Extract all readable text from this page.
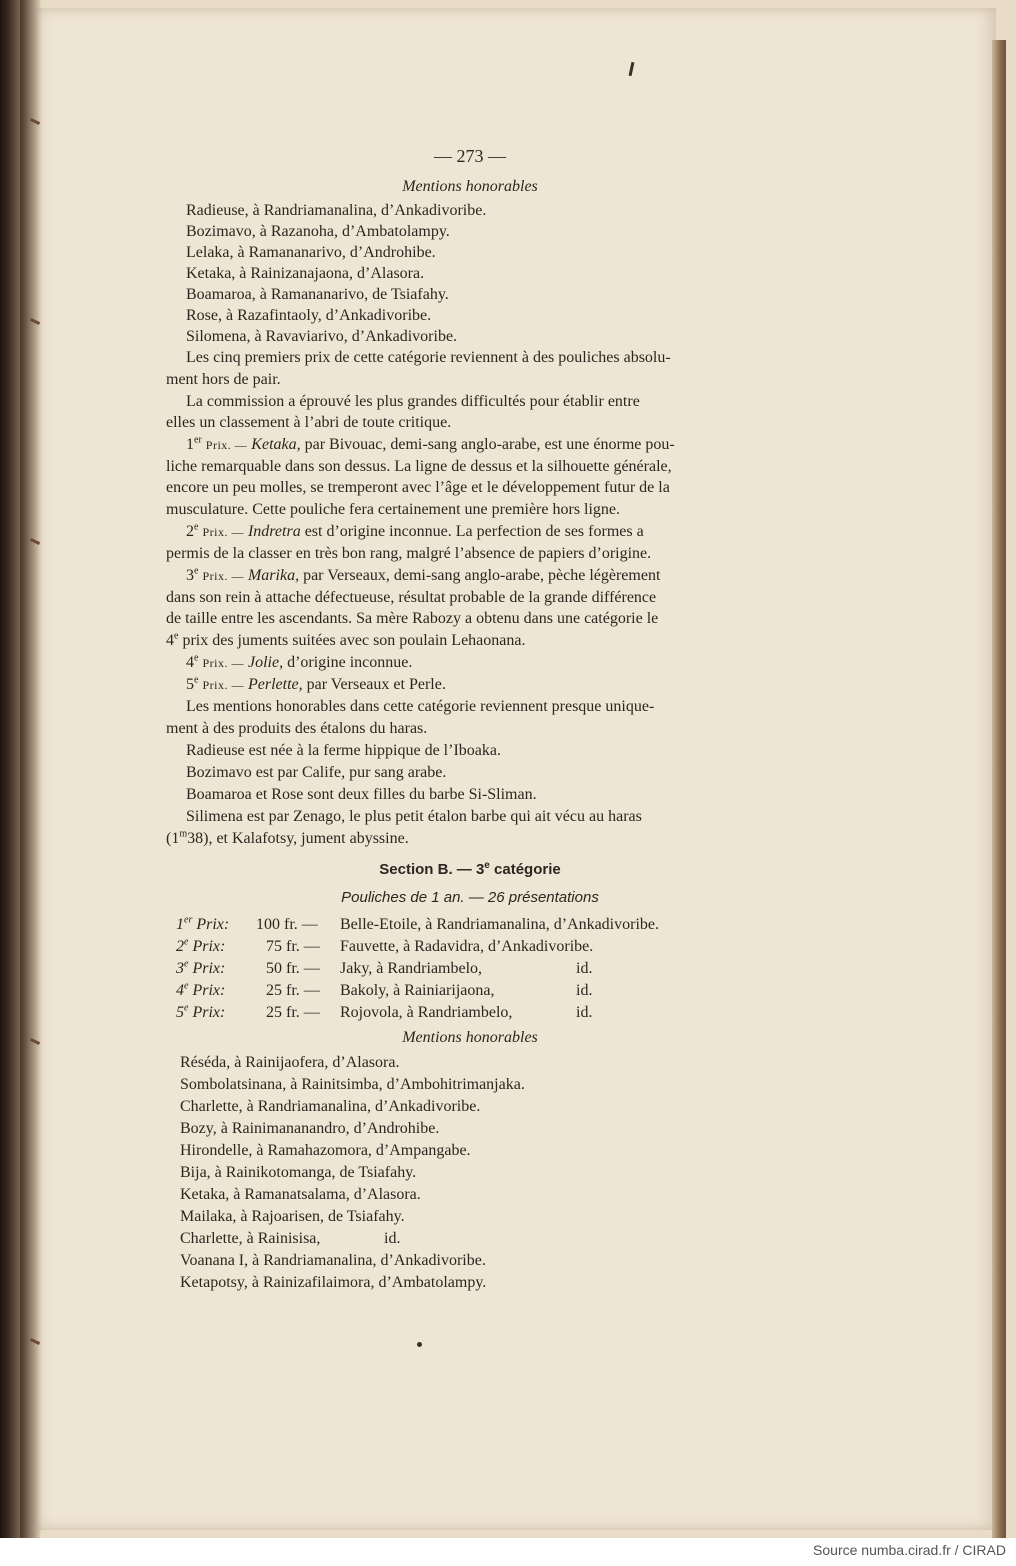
— 273 —
Mentions honorables
Radieuse, à Randriamanalina, d’Ankadivoribe.
Bozimavo, à Razanoha, d’Ambatolampy.
Lelaka, à Ramananarivo, d’Androhibe.
Ketaka, à Rainizanajaona, d’Alasora.
Boamaroa, à Ramananarivo, de Tsiafahy.
Rose, à Razafintaoly, d’Ankadivoribe.
Silomena, à Ravaviarivo, d’Ankadivoribe.
Les cinq premiers prix de cette catégorie reviennent à des pouliches absolu-
ment hors de pair.
La commission a éprouvé les plus grandes difficultés pour établir entre
elles un classement à l’abri de toute critique.
1er Prix. — Ketaka, par Bivouac, demi-sang anglo-arabe, est une énorme pou-
liche remarquable dans son dessus. La ligne de dessus et la silhouette générale,
encore un peu molles, se tremperont avec l’âge et le développement futur de la
musculature. Cette pouliche fera certainement une première hors ligne.
2e Prix. — Indretra est d’origine inconnue. La perfection de ses formes a
permis de la classer en très bon rang, malgré l’absence de papiers d’origine.
3e Prix. — Marika, par Verseaux, demi-sang anglo-arabe, pèche légèrement
dans son rein à attache défectueuse, résultat probable de la grande différence
de taille entre les ascendants. Sa mère Rabozy a obtenu dans une catégorie le
4e prix des juments suitées avec son poulain Lehaonana.
4e Prix. — Jolie, d’origine inconnue.
5e Prix. — Perlette, par Verseaux et Perle.
Les mentions honorables dans cette catégorie reviennent presque unique-
ment à des produits des étalons du haras.
Radieuse est née à la ferme hippique de l’Iboaka.
Bozimavo est par Calife, pur sang arabe.
Boamaroa et Rose sont deux filles du barbe Si-Sliman.
Silimena est par Zenago, le plus petit étalon barbe qui ait vécu au haras
(1$^m$38), et Kalafotsy, jument abyssine.
Section B. — 3e catégorie
Pouliches de 1 an. — 26 présentations
1er Prix: 100 fr. — Belle-Etoile, à Randriamanalina, d’Ankadivoribe.
2e Prix:	75 fr. — Fauvette, à Radavidra, d’Ankadivoribe.
3e Prix:	50 fr. — Jaky, à Randriambelo,	id.
4e Prix:	25 fr. — Bakoly, à Rainiarijaona,	id.
5e Prix:	25 fr. — Rojovola, à Randriambelo,	id.
Mentions honorables
Réséda, à Rainijaofera, d’Alasora.
Sombolatsinana, à Rainitsimba, d’Ambohitrimanjaka.
Charlette, à Randriamanalina, d’Ankadivoribe.
Bozy, à Rainimananandro, d’Androhibe.
Hirondelle, à Ramahazomora, d’Ampangabe.
Bija, à Rainikotomanga, de Tsiafahy.
Ketaka, à Ramanatsalama, d’Alasora.
Mailaka, à Rajoarisen, de Tsiafahy.
Charlette, à Rainisisa,	id.
Voanana I, à Randriamanalina, d’Ankadivoribe.
Ketapotsy, à Rainizafilaimora, d’Ambatolampy.
Source numba.cirad.fr / CIRAD
